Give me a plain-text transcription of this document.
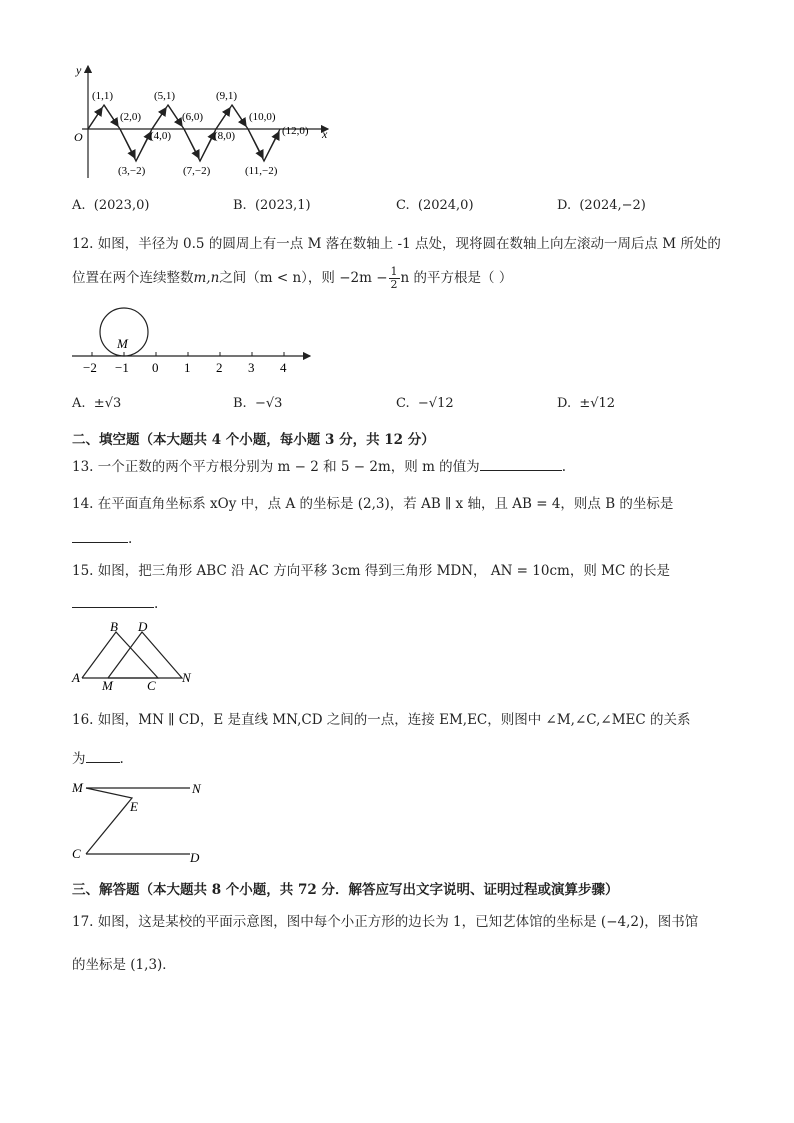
y
x
O
(1,1)
(2,0)
(5,1)
(6,0)
(9,1)
(10,0)
(4,0)	(8,0)	(12,0)
(3,−2)	(7,−2)	(11,−2)
A. (2023,0)	B. (2023,1)	C. (2024,0)	D. (2024,−2)
12. 如图，半径为 0.5 的圆周上有一点 M 落在数轴上 -1 点处，现将圆在数轴上向左滚动一周后点 M 所处的
位置在两个连续整数m,n之间（m < n），则 $-2m - \frac{1}{2}$ n 的平方根是（ ）
M
−2 −1 0 1 2 3 4
A. ±√3	B. −√3	C. −√12	D. ±√12
二、填空题（本大题共 4 个小题，每小题 3 分，共 12 分）
13. 一个正数的两个平方根分别为 m − 2 和 5 − 2m，则 m 的值为	.
14. 在平面直角坐标系 xOy 中，点 A 的坐标是 (2,3)，若 AB ∥ x 轴，且 AB = 4，则点 B 的坐标是
.
15. 如图，把三角形 ABC 沿 AC 方向平移 3cm 得到三角形 MDN， AN = 10cm，则 MC 的长是
.
B D
A
M	C
N
16. 如图，MN ∥ CD，E 是直线 MN,CD 之间的一点，连接 EM,EC，则图中 ∠M,∠C,∠MEC 的关系
为	.
M	N
E
C	D
三、解答题（本大题共 8 个小题，共 72 分．解答应写出文字说明、证明过程或演算步骤）
17. 如图，这是某校的平面示意图，图中每个小正方形的边长为 1，已知艺体馆的坐标是 (−4,2)，图书馆
的坐标是 (1,3)．
